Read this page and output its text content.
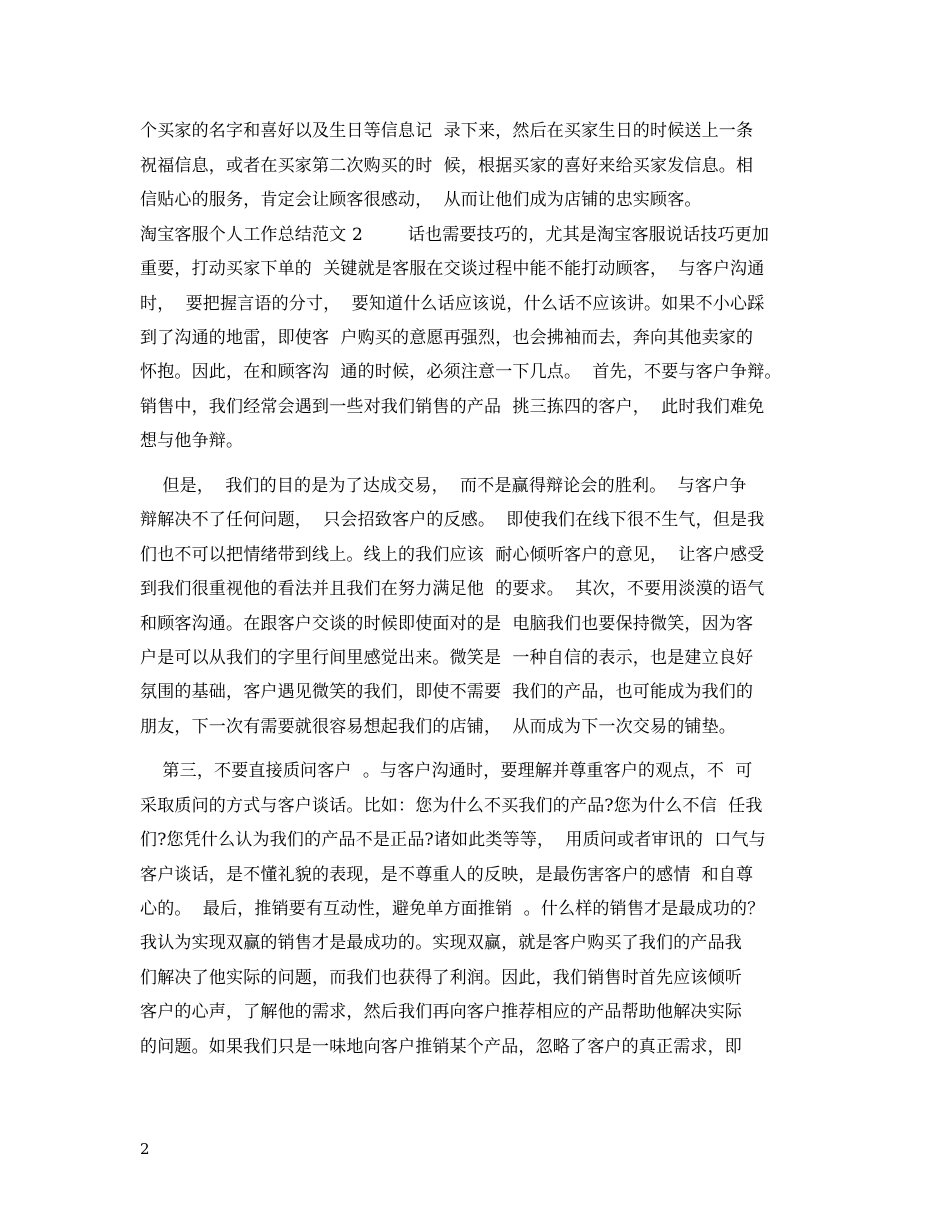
个买家的名字和喜好以及生日等信息记  录下来，然后在买家生日的时候送上一条
祝福信息，或者在买家第二次购买的时  候，根据买家的喜好来给买家发信息。相
信贴心的服务，肯定会让顾客很感动，  从而让他们成为店铺的忠实顾客。
淘宝客服个人工作总结范文 2        话也需要技巧的，尤其是淘宝客服说话技巧更加
重要，打动买家下单的  关键就是客服在交谈过程中能不能打动顾客，  与客户沟通
时，  要把握言语的分寸，  要知道什么话应该说，什么话不应该讲。如果不小心踩
到了沟通的地雷，即使客  户购买的意愿再强烈，也会拂袖而去，奔向其他卖家的
怀抱。因此，在和顾客沟  通的时候，必须注意一下几点。  首先，不要与客户争辩。
销售中，我们经常会遇到一些对我们销售的产品  挑三拣四的客户，  此时我们难免
想与他争辩。
但是，  我们的目的是为了达成交易，  而不是赢得辩论会的胜利。  与客户争
辩解决不了任何问题，  只会招致客户的反感。  即使我们在线下很不生气，但是我
们也不可以把情绪带到线上。线上的我们应该  耐心倾听客户的意见，  让客户感受
到我们很重视他的看法并且我们在努力满足他  的要求。  其次，不要用淡漠的语气
和顾客沟通。在跟客户交谈的时候即使面对的是  电脑我们也要保持微笑，因为客
户是可以从我们的字里行间里感觉出来。微笑是  一种自信的表示，也是建立良好
氛围的基础，客户遇见微笑的我们，即使不需要  我们的产品，也可能成为我们的
朋友，下一次有需要就很容易想起我们的店铺，  从而成为下一次交易的铺垫。
第三，不要直接质问客户  。与客户沟通时，要理解并尊重客户的观点，不  可
采取质问的方式与客户谈话。比如：您为什么不买我们的产品?您为什么不信  任我
们?您凭什么认为我们的产品不是正品?诸如此类等等，  用质问或者审讯的  口气与
客户谈话，是不懂礼貌的表现，是不尊重人的反映，是最伤害客户的感情  和自尊
心的。  最后，推销要有互动性，避免单方面推销  。什么样的销售才是最成功的？
我认为实现双赢的销售才是最成功的。实现双赢，就是客户购买了我们的产品我
们解决了他实际的问题，而我们也获得了利润。因此，我们销售时首先应该倾听
客户的心声，了解他的需求，然后我们再向客户推荐相应的产品帮助他解决实际
的问题。如果我们只是一味地向客户推销某个产品，忽略了客户的真正需求，即
2
